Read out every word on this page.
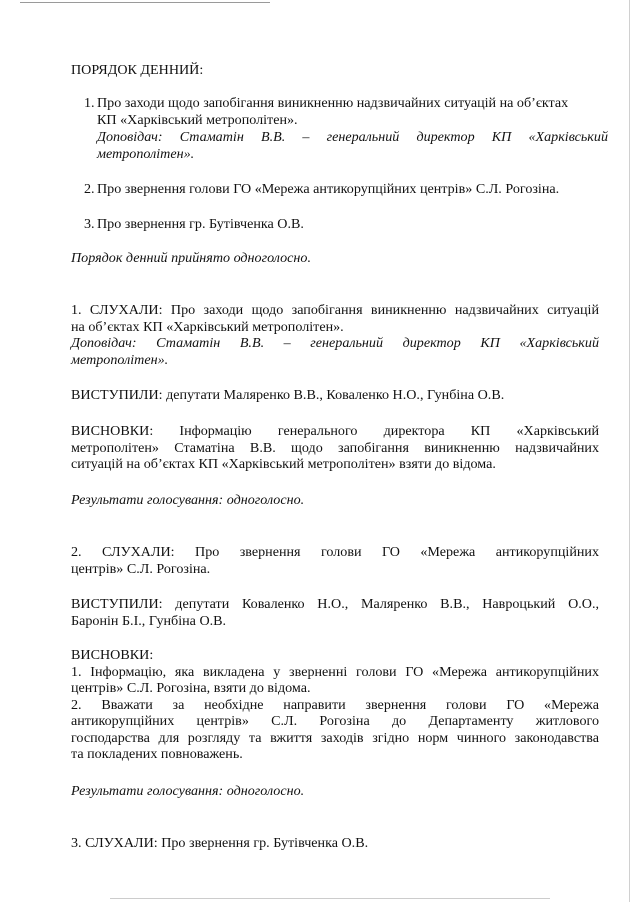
ПОРЯДОК ДЕННИЙ:
1. Про заходи щодо запобігання виникненню надзвичайних ситуацій на об’єктах
КП «Харківський метрополітен».
Доповідач: Стаматін В.В. – генеральний директор КП «Харківський
метрополітен».
2. Про звернення голови ГО «Мережа антикорупційних центрів» С.Л. Рогозіна.
3. Про звернення гр. Бутівченка О.В.
Порядок денний прийнято одноголосно.
1. СЛУХАЛИ: Про заходи щодо запобігання виникненню надзвичайних ситуацій
на об’єктах КП «Харківський метрополітен».
Доповідач: Стаматін В.В. – генеральний директор КП «Харківський
метрополітен».
ВИСТУПИЛИ: депутати Маляренко В.В., Коваленко Н.О., Гунбіна О.В.
ВИСНОВКИ: Інформацію генерального директора КП «Харківський
метрополітен» Стаматіна В.В. щодо запобігання виникненню надзвичайних
ситуацій на об’єктах КП «Харківський метрополітен» взяти до відома.
Результати голосування: одноголосно.
2. СЛУХАЛИ: Про звернення голови ГО «Мережа антикорупційних
центрів» С.Л. Рогозіна.
ВИСТУПИЛИ: депутати Коваленко Н.О., Маляренко В.В., Навроцький О.О.,
Баронін Б.І., Гунбіна О.В.
ВИСНОВКИ:
1. Інформацію, яка викладена у зверненні голови ГО «Мережа антикорупційних
центрів» С.Л. Рогозіна, взяти до відома.
2. Вважати за необхідне направити звернення голови ГО «Мережа
антикорупційних центрів» С.Л. Рогозіна до Департаменту житлового
господарства для розгляду та вжиття заходів згідно норм чинного законодавства
та покладених повноважень.
Результати голосування: одноголосно.
3. СЛУХАЛИ: Про звернення гр. Бутівченка О.В.
